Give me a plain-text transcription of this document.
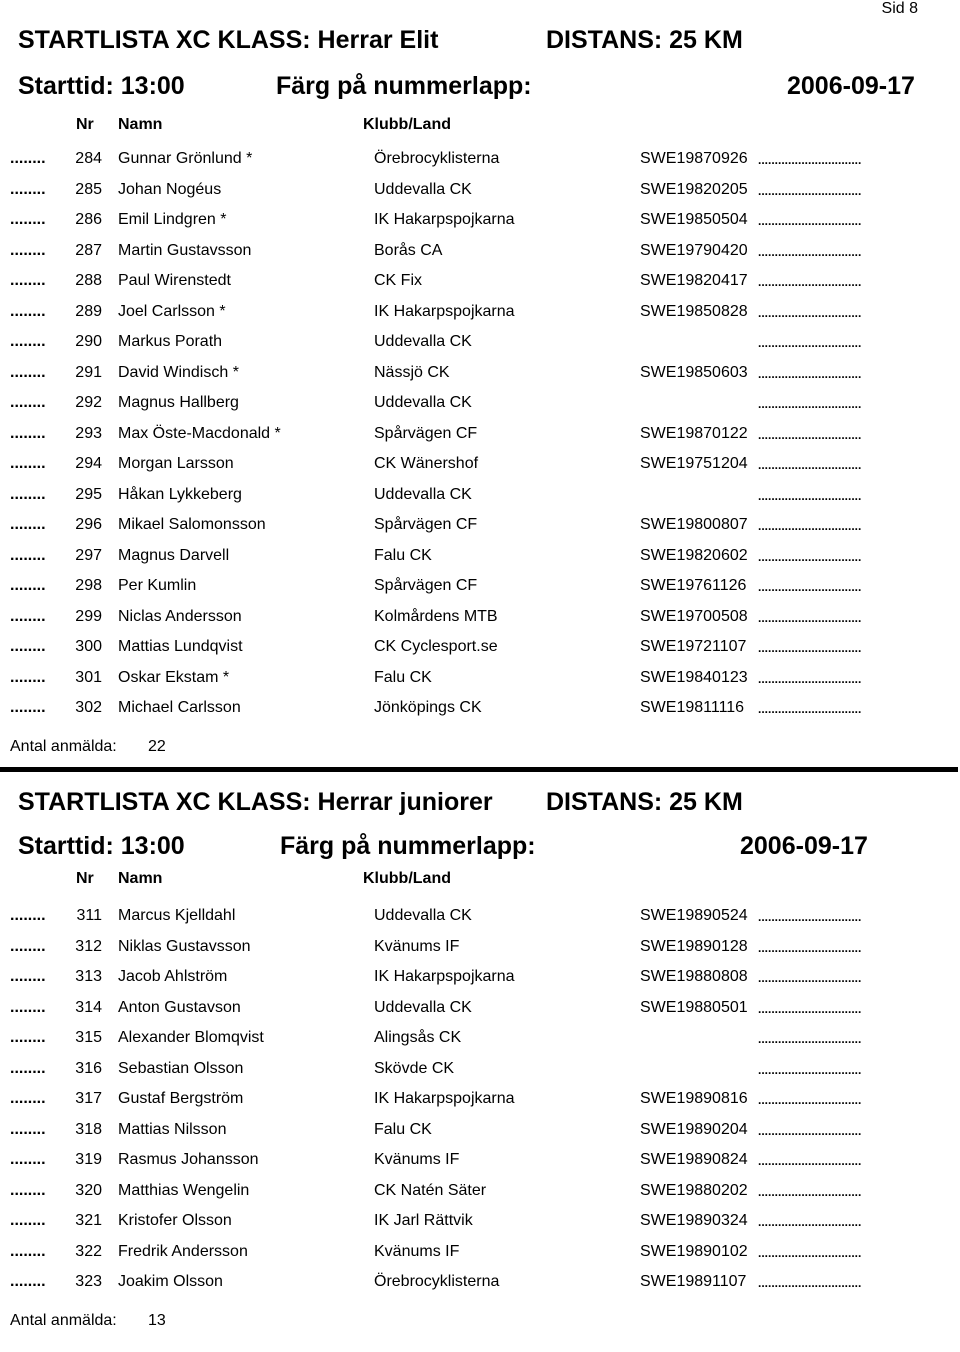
Sid 8
STARTLISTA XC KLASS: Herrar Elit	DISTANS: 25 KM
Starttid: 13:00	Färg på nummerlapp:	2006-09-17
Nr Namn	Klubb/Land
........ 284 Gunnar Grönlund *	Örebrocyklisterna	SWE19870926 ...............................
........ 285 Johan Nogéus	Uddevalla CK	SWE19820205 ...............................
........ 286 Emil Lindgren *	IK Hakarpspojkarna	SWE19850504 ...............................
........ 287 Martin Gustavsson	Borås CA	SWE19790420 ...............................
........ 288 Paul Wirenstedt	CK Fix	SWE19820417 ...............................
........ 289 Joel Carlsson *	IK Hakarpspojkarna	SWE19850828 ...............................
........ 290 Markus Porath	Uddevalla CK	...............................
........ 291 David Windisch *	Nässjö CK	SWE19850603 ...............................
........ 292 Magnus Hallberg	Uddevalla CK	...............................
........ 293 Max Öste-Macdonald *	Spårvägen CF	SWE19870122 ...............................
........ 294 Morgan Larsson	CK Wänershof	SWE19751204 ...............................
........ 295 Håkan Lykkeberg	Uddevalla CK	...............................
........ 296 Mikael Salomonsson	Spårvägen CF	SWE19800807 ...............................
........ 297 Magnus Darvell	Falu CK	SWE19820602 ...............................
........ 298 Per Kumlin	Spårvägen CF	SWE19761126 ...............................
........ 299 Niclas Andersson	Kolmårdens MTB	SWE19700508 ...............................
........ 300 Mattias Lundqvist	CK Cyclesport.se	SWE19721107 ...............................
........ 301 Oskar Ekstam *	Falu CK	SWE19840123 ...............................
........ 302 Michael Carlsson	Jönköpings CK	SWE19811116 ...............................
Antal anmälda: 22
STARTLISTA XC KLASS: Herrar juniorer DISTANS: 25 KM
Starttid: 13:00	Färg på nummerlapp:	2006-09-17
Nr Namn	Klubb/Land
........ 311 Marcus Kjelldahl	Uddevalla CK	SWE19890524 ...............................
........ 312 Niklas Gustavsson	Kvänums IF	SWE19890128 ...............................
........ 313 Jacob Ahlström	IK Hakarpspojkarna	SWE19880808 ...............................
........ 314 Anton Gustavson	Uddevalla CK	SWE19880501 ...............................
........ 315 Alexander Blomqvist	Alingsås CK	...............................
........ 316 Sebastian Olsson	Skövde CK	...............................
........ 317 Gustaf Bergström	IK Hakarpspojkarna	SWE19890816 ...............................
........ 318 Mattias Nilsson	Falu CK	SWE19890204 ...............................
........ 319 Rasmus Johansson	Kvänums IF	SWE19890824 ...............................
........ 320 Matthias Wengelin	CK Natén Säter	SWE19880202 ...............................
........ 321 Kristofer Olsson	IK Jarl Rättvik	SWE19890324 ...............................
........ 322 Fredrik Andersson	Kvänums IF	SWE19890102 ...............................
........ 323 Joakim Olsson	Örebrocyklisterna	SWE19891107 ...............................
Antal anmälda: 13
